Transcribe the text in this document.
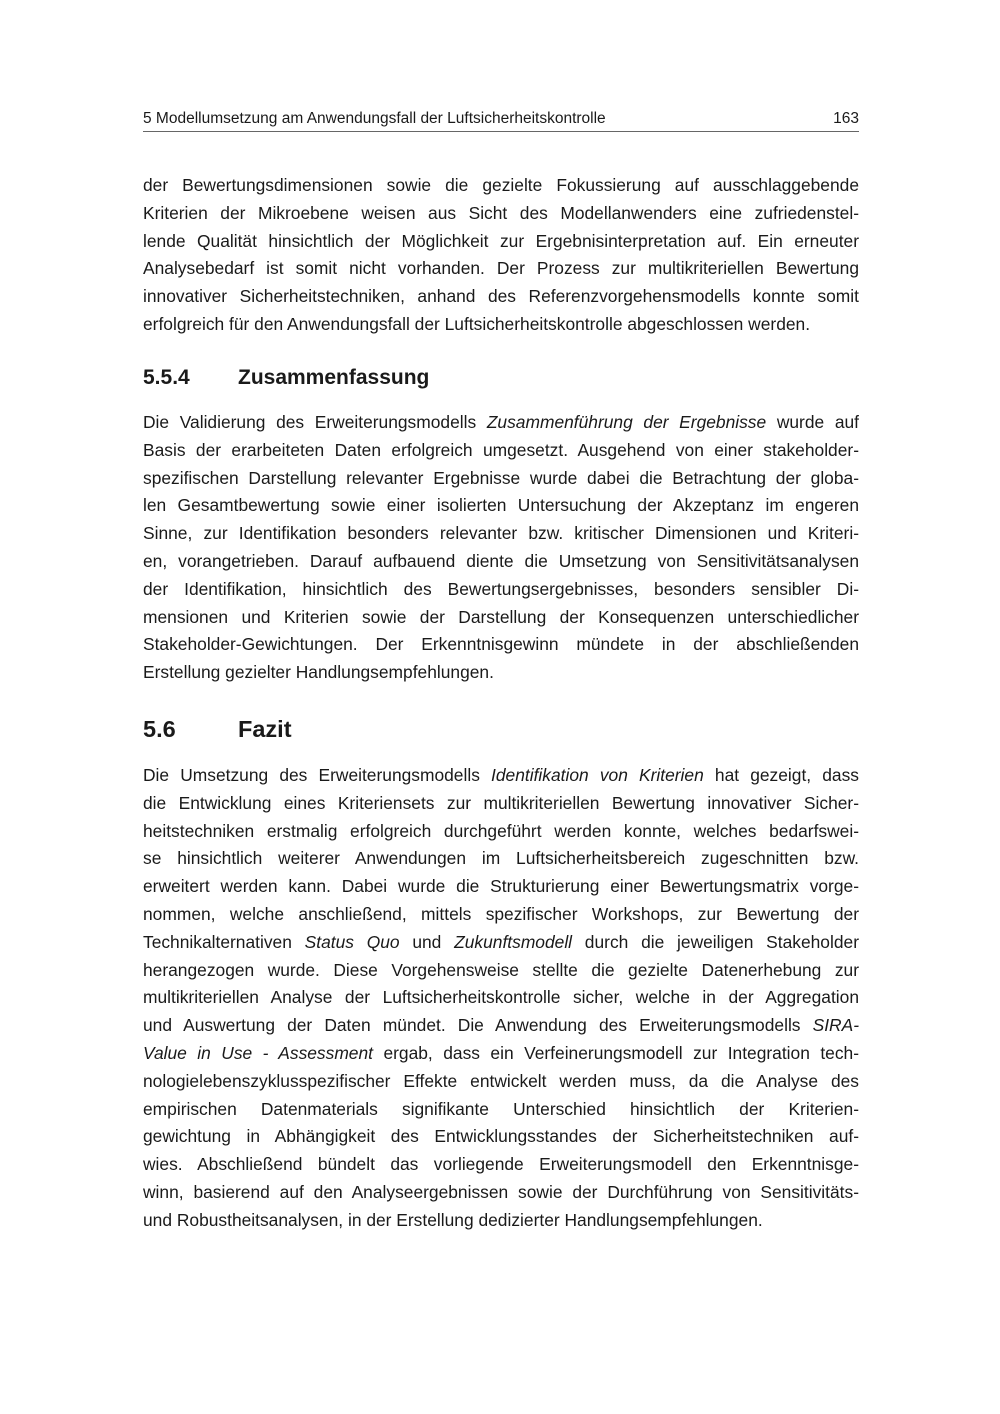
5 Modellumsetzung am Anwendungsfall der Luftsicherheitskontrolle	163
der Bewertungsdimensionen sowie die gezielte Fokussierung auf ausschlaggebende
Kriterien der Mikroebene weisen aus Sicht des Modellanwenders eine zufriedenstel-
lende Qualität hinsichtlich der Möglichkeit zur Ergebnisinterpretation auf. Ein erneuter
Analysebedarf ist somit nicht vorhanden. Der Prozess zur multikriteriellen Bewertung
innovativer Sicherheitstechniken, anhand des Referenzvorgehensmodells konnte somit
erfolgreich für den Anwendungsfall der Luftsicherheitskontrolle abgeschlossen werden.
5.5.4 Zusammenfassung
Die Validierung des Erweiterungsmodells Zusammenführung der Ergebnisse wurde auf
Basis der erarbeiteten Daten erfolgreich umgesetzt. Ausgehend von einer stakeholder-
spezifischen Darstellung relevanter Ergebnisse wurde dabei die Betrachtung der globa-
len Gesamtbewertung sowie einer isolierten Untersuchung der Akzeptanz im engeren
Sinne, zur Identifikation besonders relevanter bzw. kritischer Dimensionen und Kriteri-
en, vorangetrieben. Darauf aufbauend diente die Umsetzung von Sensitivitätsanalysen
der Identifikation, hinsichtlich des Bewertungsergebnisses, besonders sensibler Di-
mensionen und Kriterien sowie der Darstellung der Konsequenzen unterschiedlicher
Stakeholder-Gewichtungen. Der Erkenntnisgewinn mündete in der abschließenden
Erstellung gezielter Handlungsempfehlungen.
5.6	Fazit
Die Umsetzung des Erweiterungsmodells Identifikation von Kriterien hat gezeigt, dass
die Entwicklung eines Kriteriensets zur multikriteriellen Bewertung innovativer Sicher-
heitstechniken erstmalig erfolgreich durchgeführt werden konnte, welches bedarfswei-
se hinsichtlich weiterer Anwendungen im Luftsicherheitsbereich zugeschnitten bzw.
erweitert werden kann. Dabei wurde die Strukturierung einer Bewertungsmatrix vorge-
nommen, welche anschließend, mittels spezifischer Workshops, zur Bewertung der
Technikalternativen Status Quo und Zukunftsmodell durch die jeweiligen Stakeholder
herangezogen wurde. Diese Vorgehensweise stellte die gezielte Datenerhebung zur
multikriteriellen Analyse der Luftsicherheitskontrolle sicher, welche in der Aggregation
und Auswertung der Daten mündet. Die Anwendung des Erweiterungsmodells SIRA-
Value in Use - Assessment ergab, dass ein Verfeinerungsmodell zur Integration tech-
nologielebenszyklusspezifischer Effekte entwickelt werden muss, da die Analyse des
empirischen Datenmaterials signifikante Unterschied hinsichtlich der Kriterien-
gewichtung in Abhängigkeit des Entwicklungsstandes der Sicherheitstechniken auf-
wies. Abschließend bündelt das vorliegende Erweiterungsmodell den Erkenntnisge-
winn, basierend auf den Analyseergebnissen sowie der Durchführung von Sensitivitäts-
und Robustheitsanalysen, in der Erstellung dedizierter Handlungsempfehlungen.
